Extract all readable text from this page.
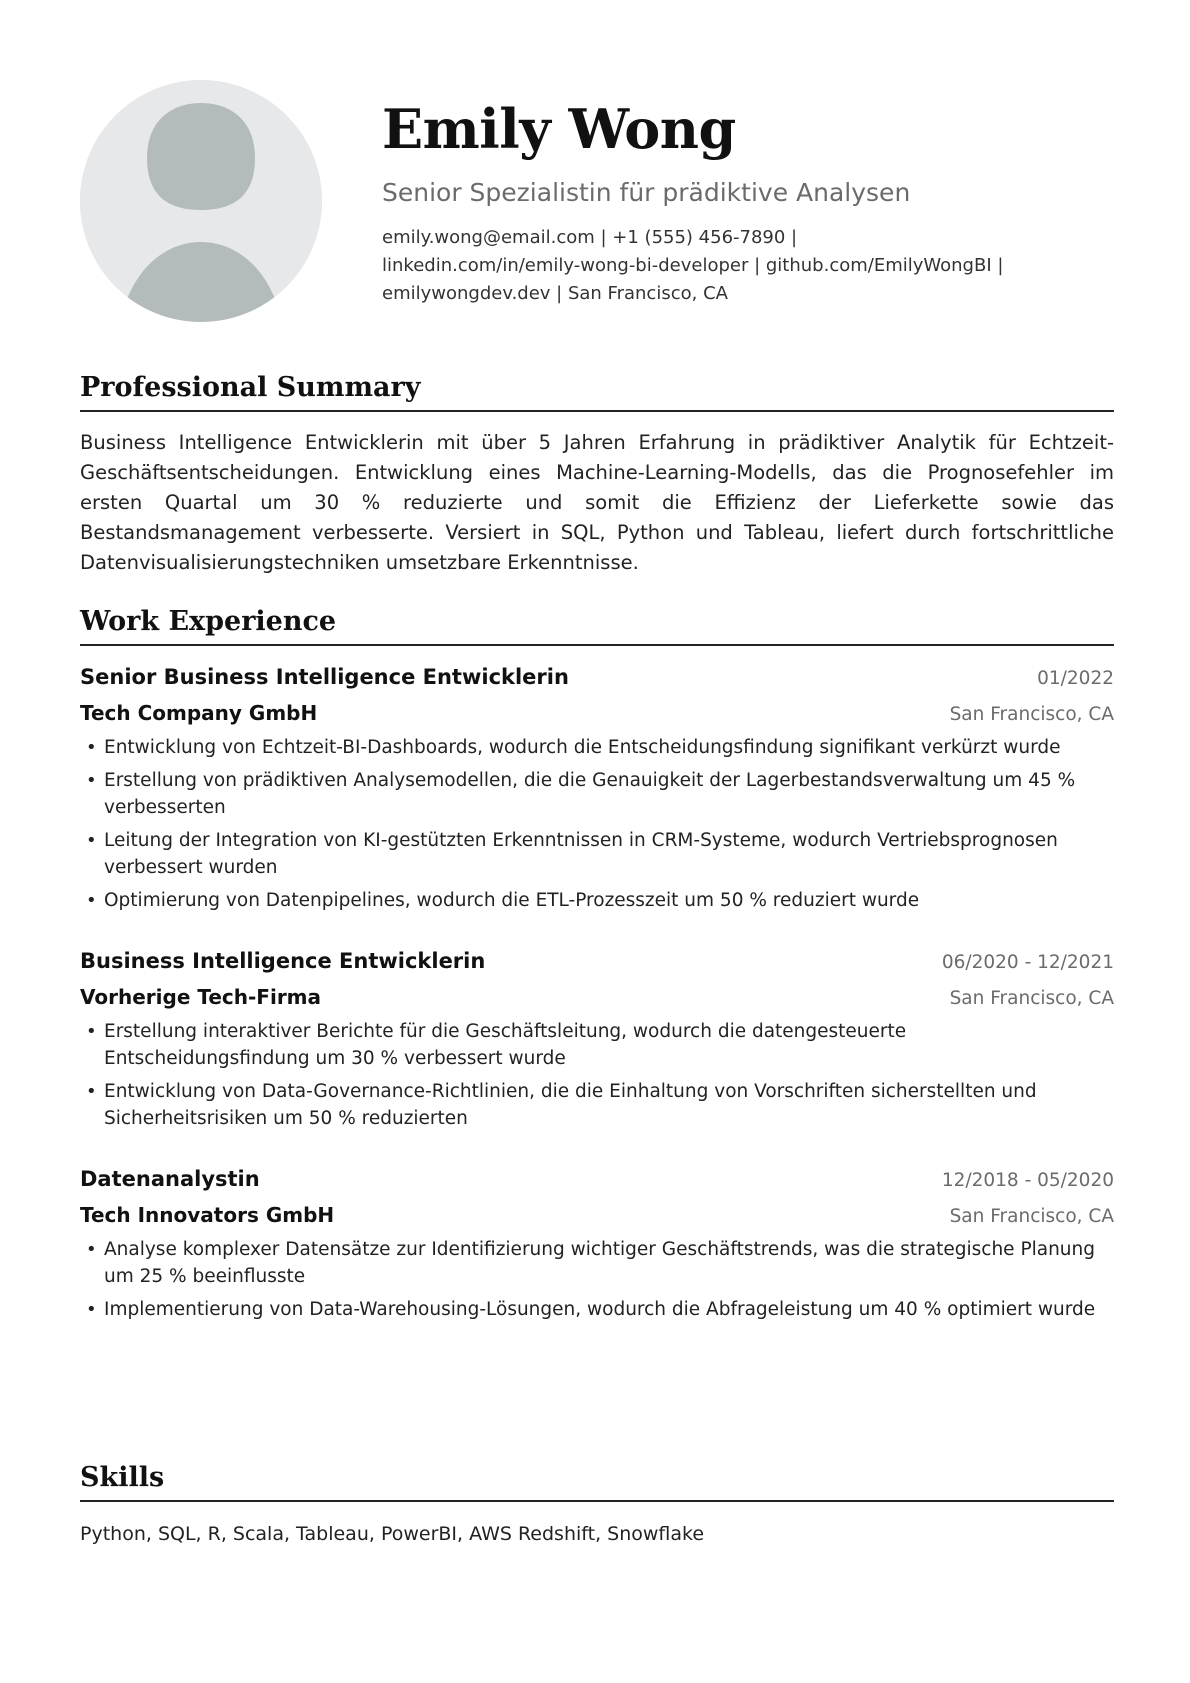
Emily Wong
Senior Spezialistin für prädiktive Analysen
emily.wong@email.com | +1 (555) 456-7890 |
linkedin.com/in/emily-wong-bi-developer | github.com/EmilyWongBI |
emilywongdev.dev | San Francisco, CA
Professional Summary
Business Intelligence Entwicklerin mit über 5 Jahren Erfahrung in prädiktiver Analytik für Echtzeit-Geschäftsentscheidungen. Entwicklung eines Machine-Learning-Modells, das die Prognosefehler im ersten Quartal um 30 % reduzierte und somit die Effizienz der Lieferkette sowie das Bestandsmanagement verbesserte. Versiert in SQL, Python und Tableau, liefert durch fortschrittliche Datenvisualisierungstechniken umsetzbare Erkenntnisse.
Work Experience
Senior Business Intelligence Entwicklerin	01/2022
Tech Company GmbH	San Francisco, CA
• Entwicklung von Echtzeit-BI-Dashboards, wodurch die Entscheidungsfindung signifikant verkürzt wurde
• Erstellung von prädiktiven Analysemodellen, die die Genauigkeit der Lagerbestandsverwaltung um 45 % verbesserten
• Leitung der Integration von KI-gestützten Erkenntnissen in CRM-Systeme, wodurch Vertriebsprognosen verbessert wurden
• Optimierung von Datenpipelines, wodurch die ETL-Prozesszeit um 50 % reduziert wurde
Business Intelligence Entwicklerin	06/2020 - 12/2021
Vorherige Tech-Firma	San Francisco, CA
• Erstellung interaktiver Berichte für die Geschäftsleitung, wodurch die datengesteuerte Entscheidungsfindung um 30 % verbessert wurde
• Entwicklung von Data-Governance-Richtlinien, die die Einhaltung von Vorschriften sicherstellten und Sicherheitsrisiken um 50 % reduzierten
Datenanalystin	12/2018 - 05/2020
Tech Innovators GmbH	San Francisco, CA
• Analyse komplexer Datensätze zur Identifizierung wichtiger Geschäftstrends, was die strategische Planung um 25 % beeinflusste
• Implementierung von Data-Warehousing-Lösungen, wodurch die Abfrageleistung um 40 % optimiert wurde
Skills
Python, SQL, R, Scala, Tableau, PowerBI, AWS Redshift, Snowflake
